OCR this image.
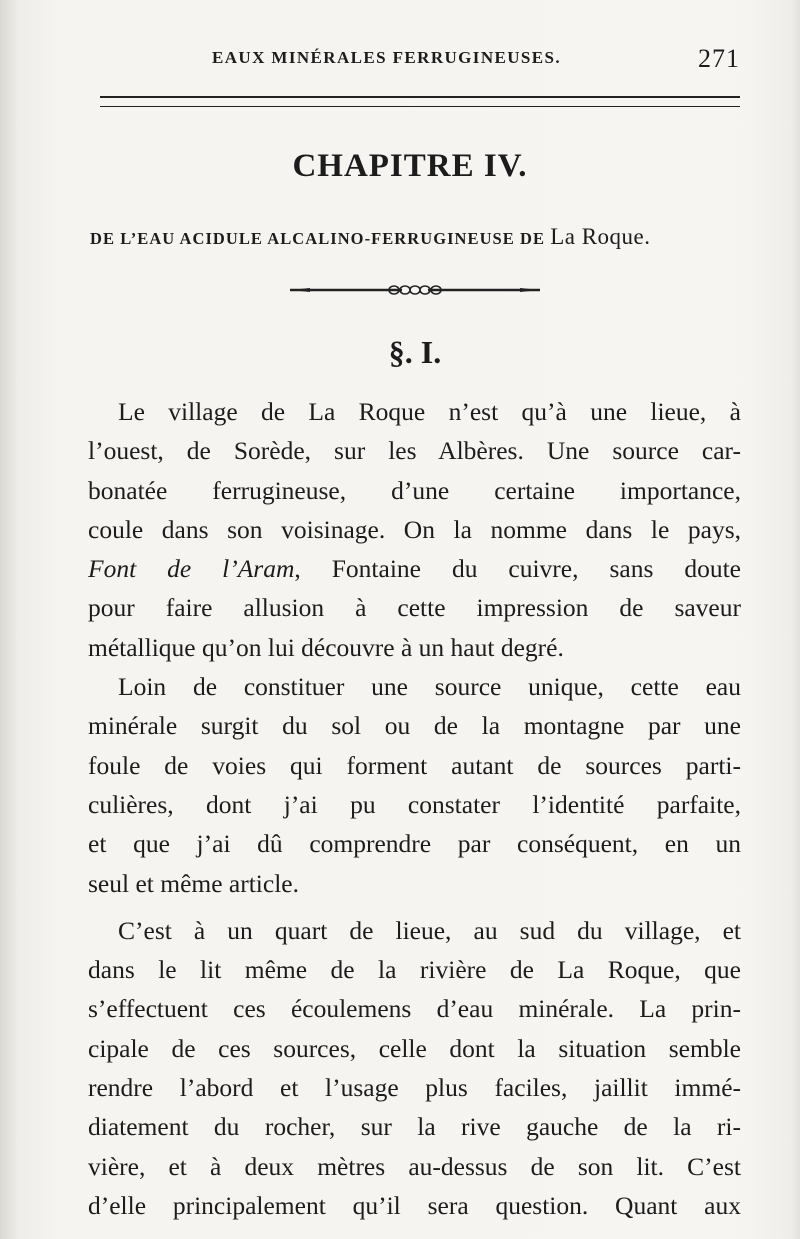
EAUX MINÉRALES FERRUGINEUSES.	271
CHAPITRE IV.
DE L’EAU ACIDULE ALCALINO-FERRUGINEUSE DE La Roque.
§. I.
Le village de La Roque n’est qu’à une lieue, à
l’ouest, de Sorède, sur les Albères. Une source car-
bonatée ferrugineuse, d’une certaine importance,
coule dans son voisinage. On la nomme dans le pays,
Font de l’Aram, Fontaine du cuivre, sans doute
pour faire allusion à cette impression de saveur
métallique qu’on lui découvre à un haut degré.
Loin de constituer une source unique, cette eau
minérale surgit du sol ou de la montagne par une
foule de voies qui forment autant de sources parti-
culières, dont j’ai pu constater l’identité parfaite,
et que j’ai dû comprendre par conséquent, en un
seul et même article.
C’est à un quart de lieue, au sud du village, et
dans le lit même de la rivière de La Roque, que
s’effectuent ces écoulemens d’eau minérale. La prin-
cipale de ces sources, celle dont la situation semble
rendre l’abord et l’usage plus faciles, jaillit immé-
diatement du rocher, sur la rive gauche de la ri-
vière, et à deux mètres au-dessus de son lit. C’est
d’elle principalement qu’il sera question. Quant aux
